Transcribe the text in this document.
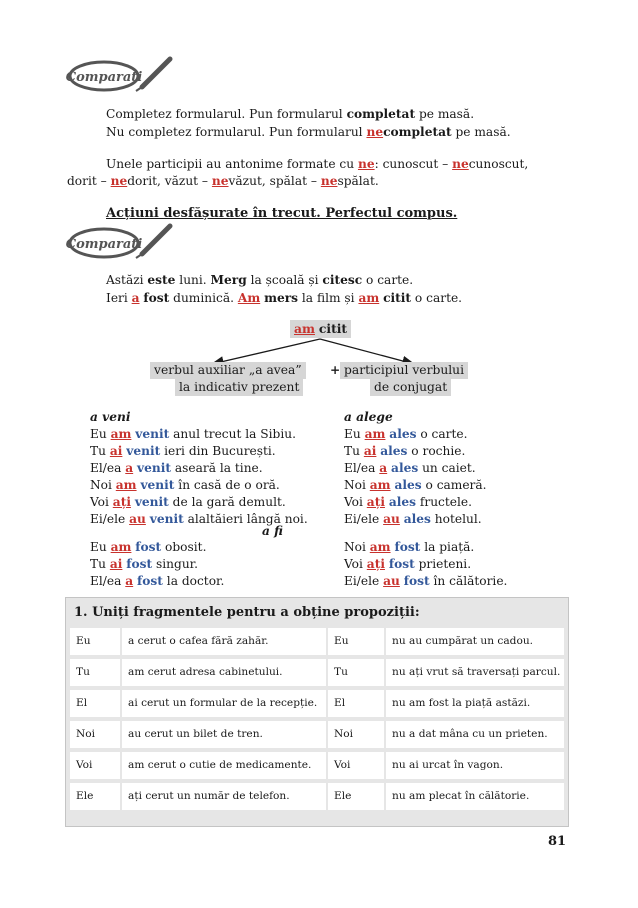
Comparați
Completez formularul. Pun formularul completat pe masă.
Nu completez formularul. Pun formularul necompletat pe masă.
Unele participii au antonime formate cu ne: cunoscut – necunoscut,
dorit – nedorit, văzut – nevăzut, spălat – nespălat.
Acțiuni desfășurate în trecut. Perfectul compus.
Comparați
Astăzi este luni. Merg la școală și citesc o carte.
Ieri a fost duminică. Am mers la film și am citit o carte.
am citit
verbul auxiliar „a avea”	+ participiul verbului
la indicativ prezent	de conjugat
a veni
Eu am venit anul trecut la Sibiu.
Tu ai venit ieri din București.
El/ea a venit aseară la tine.
Noi am venit în casă de o oră.
Voi ați venit de la gară demult.
Ei/ele au venit alaltăieri lângă noi.
a alege
Eu am ales o carte.
Tu ai ales o rochie.
El/ea a ales un caiet.
Noi am ales o cameră.
Voi ați ales fructele.
Ei/ele au ales hotelul.
a fi
Eu am fost obosit.
Tu ai fost singur.
El/ea a fost la doctor.
Noi am fost la piață.
Voi ați fost prieteni.
Ei/ele au fost în călătorie.
1. Uniți fragmentele pentru a obține propoziții:
Eu	a cerut o cafea fără zahăr.	Eu	nu au cumpărat un cadou.
Tu	am cerut adresa cabinetului.	Tu	nu ați vrut să traversați parcul.
El	ai cerut un formular de la recepție.	El	nu am fost la piață astăzi.
Noi	au cerut un bilet de tren.	Noi	nu a dat mâna cu un prieten.
Voi	am cerut o cutie de medicamente.	Voi	nu ai urcat în vagon.
Ele	ați cerut un număr de telefon.	Ele	nu am plecat în călătorie.
81
